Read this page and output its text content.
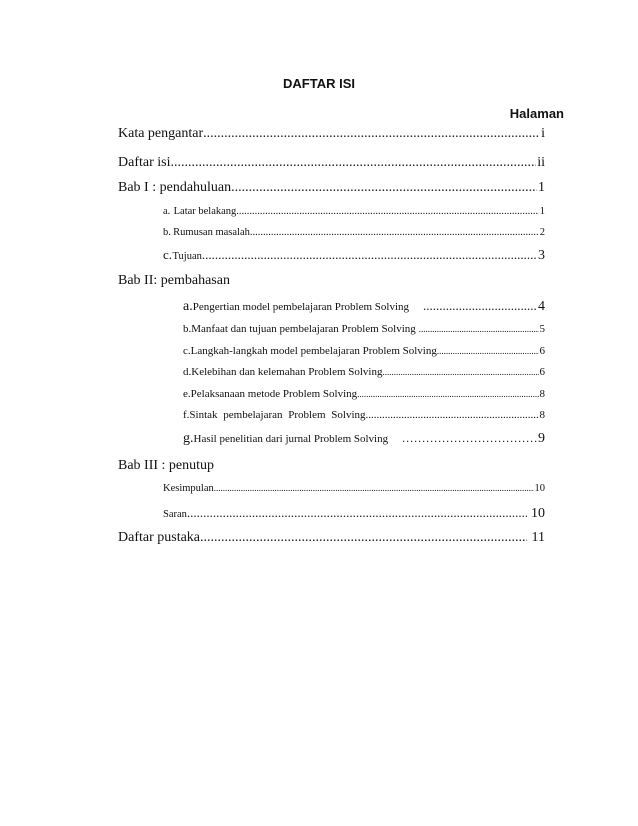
DAFTAR ISI
Halaman
Kata pengantar .....	i
Daftar isi .....	ii
Bab I : pendahuluan .....	1
a. Latar belakang .....	1
b. Rumusan masalah .....	2
c. Tujuan .....	3
Bab II: pembahasan
a. Pengertian model pembelajaran Problem Solving .....	4
b. Manfaat dan tujuan pembelajaran Problem Solving .....	5
c. Langkah-langkah model pembelajaran Problem Solving .....	6
d. Kelebihan dan kelemahan Problem Solving .....	6
e. Pelaksanaan metode Problem Solving .....	8
f. Sintak pembelajaran Problem Solving .....	8
g. Hasil penelitian dari jurnal Problem Solving .....	9
Bab III : penutup
Kesimpulan .....	10
Saran .....	10
Daftar pustaka .....	11
